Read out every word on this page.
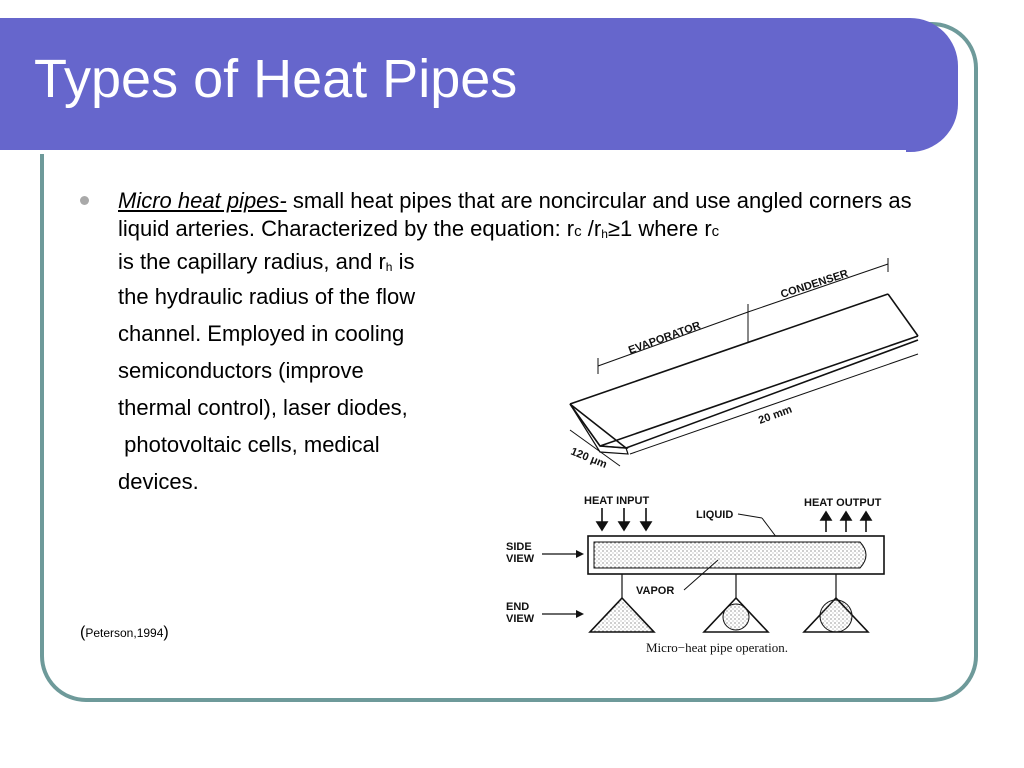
Types of Heat Pipes

Micro heat pipes- small heat pipes that are noncircular and use angled corners as liquid arteries. Characterized by the equation: rc /rh≥1 where rc
is the capillary radius, and rh is

the hydraulic radius of the flow
channel. Employed in cooling
semiconductors (improve
thermal control), laser diodes,
photovoltaic cells, medical
devices.
(Peterson,1994)
CONDENSER
EVAPORATOR
20 mm
120 μm
HEAT INPUT	HEAT OUTPUT
LIQUID
SIDE
VIEW
VAPOR
END
VIEW
Micro−heat pipe operation.
